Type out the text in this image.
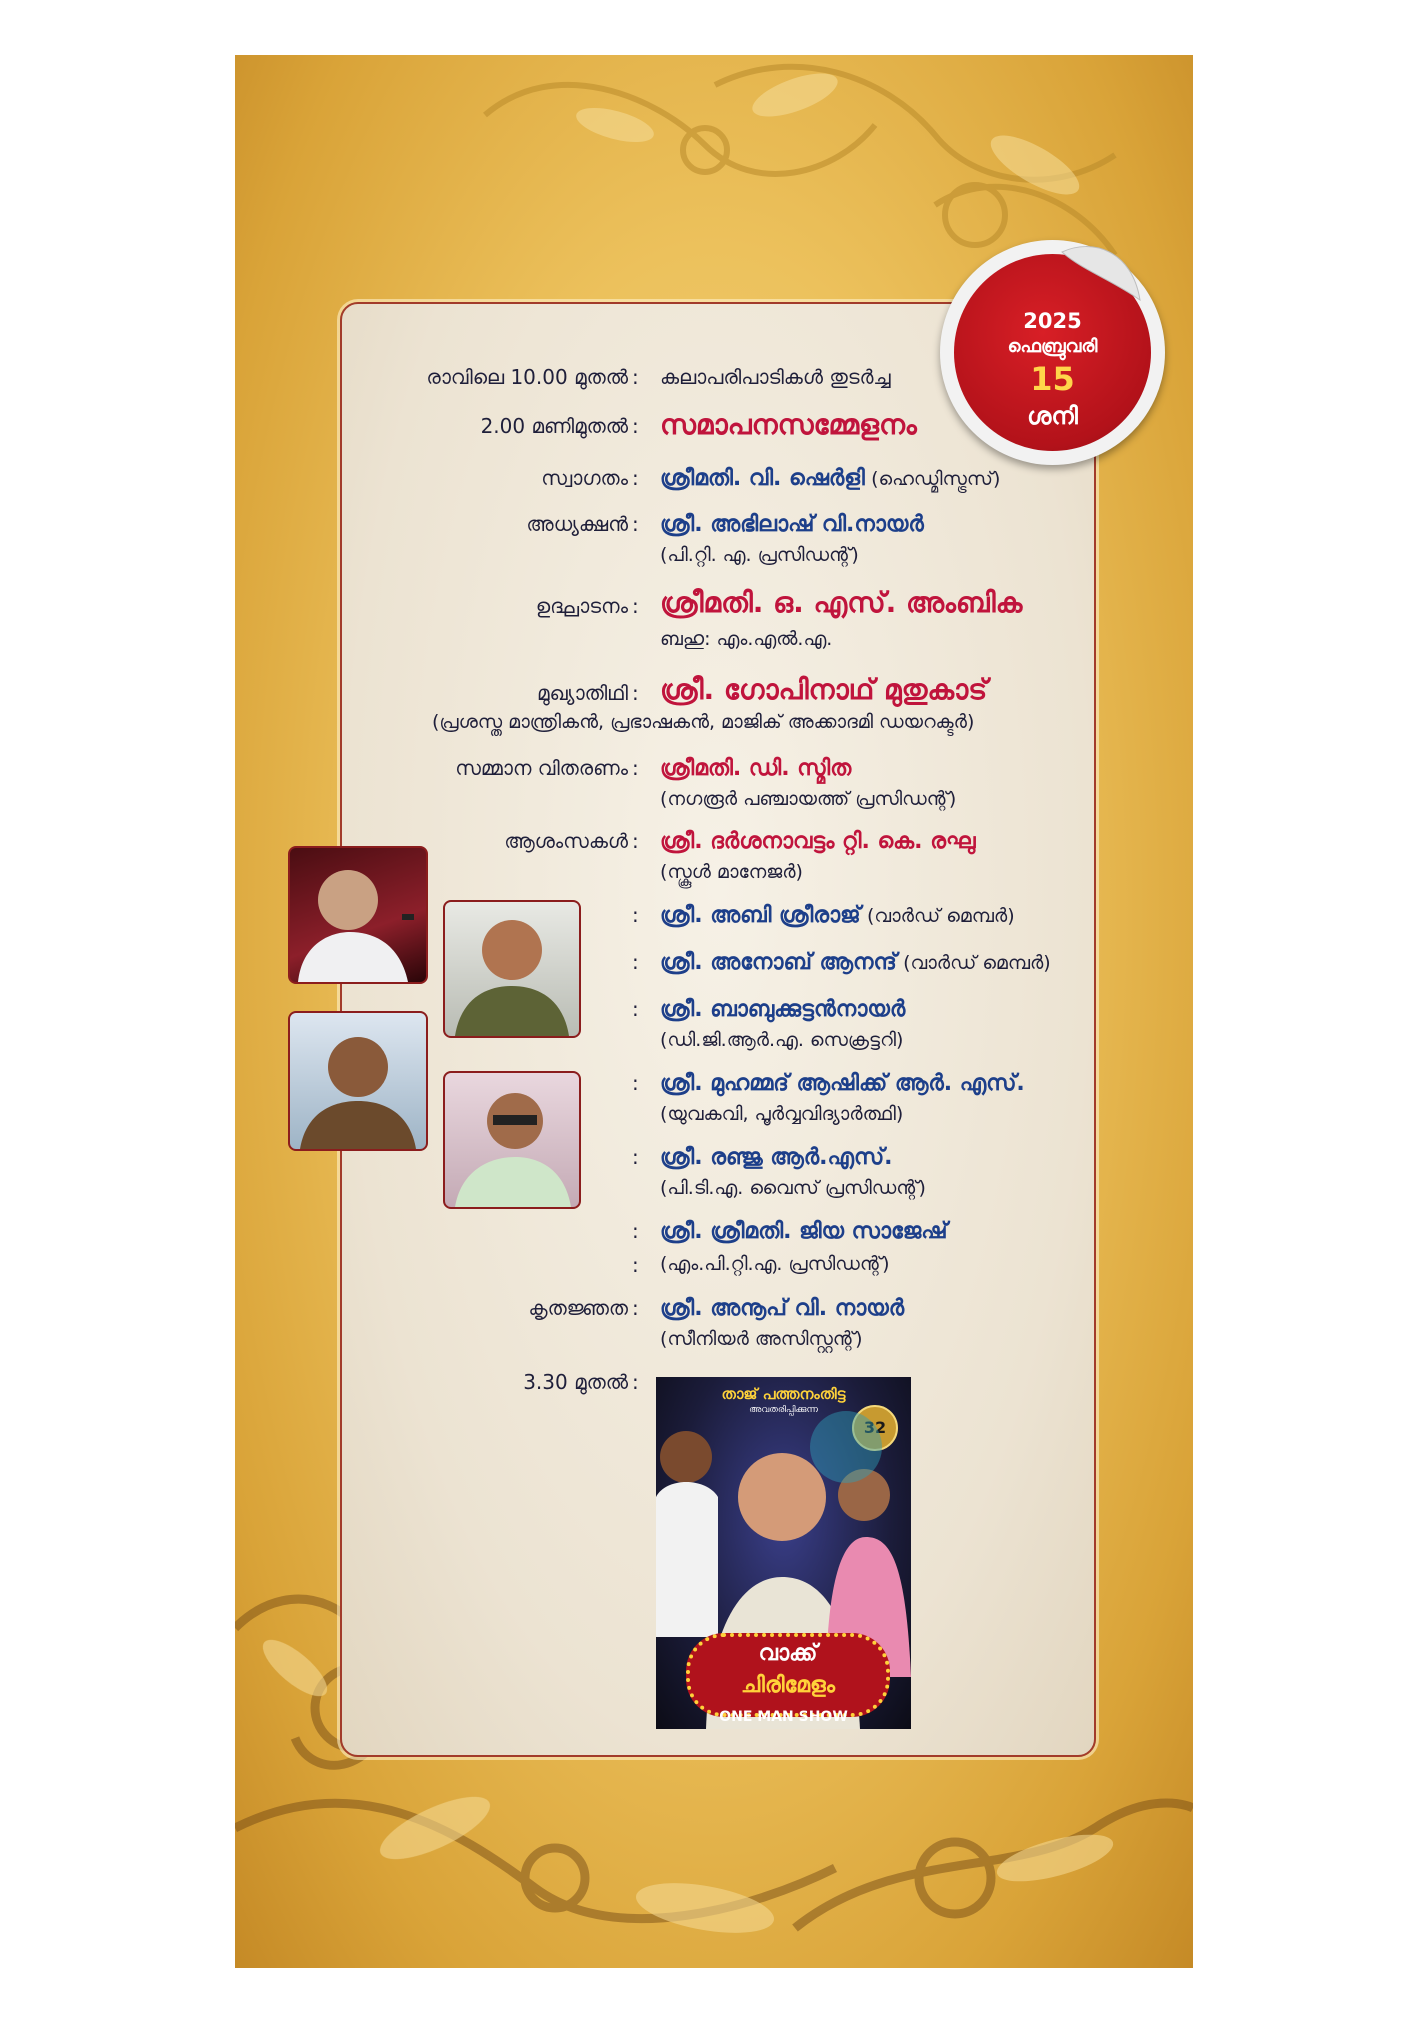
2025
ഫെബ്രുവരി
15
ശനി
രാവിലെ 10.00 മുതൽ : കലാപരിപാടികൾ തുടർച്ച
2.00 മണിമുതൽ : സമാപനസമ്മേളനം
സ്വാഗതം : ശ്രീമതി. വി. ഷെർളി (ഹെഡ്മിസ്ട്രസ്)
അധ്യക്ഷൻ : ശ്രീ. അഭിലാഷ് വി.നായർ
(പി.റ്റി. എ. പ്രസിഡന്റ്)
ഉദ്ഘാടനം : ശ്രീമതി. ഒ. എസ്. അംബിക
ബഹു: എം.എൽ.എ.
മുഖ്യാതിഥി : ശ്രീ. ഗോപിനാഥ് മുതുകാട്
(പ്രശസ്ത മാന്ത്രികൻ, പ്രഭാഷകൻ, മാജിക് അക്കാദമി ഡയറക്ടർ)
സമ്മാന വിതരണം : ശ്രീമതി. ഡി. സ്മിത
(നഗരൂർ പഞ്ചായത്ത് പ്രസിഡന്റ്)
ആശംസകൾ : ശ്രീ. ദർശനാവട്ടം റ്റി. കെ. രഘു
(സ്കൂൾ മാനേജർ)
: ശ്രീ. അബി ശ്രീരാജ് (വാർഡ് മെമ്പർ)
: ശ്രീ. അനോബ് ആനന്ദ് (വാർഡ് മെമ്പർ)
: ശ്രീ. ബാബുക്കുട്ടൻനായർ
(ഡി.ജി.ആർ.എ. സെക്രട്ടറി)
: ശ്രീ. മുഹമ്മദ് ആഷിക്ക് ആർ. എസ്.
(യുവകവി, പൂർവ്വവിദ്യാർത്ഥി)
: ശ്രീ. രഞ്ജു ആർ.എസ്.
(പി.ടി.എ. വൈസ് പ്രസിഡന്റ്)
: ശ്രീ. ശ്രീമതി. ജിയ സാജേഷ്
: (എം.പി.റ്റി.എ. പ്രസിഡന്റ്)
കൃതജ്ഞത : ശ്രീ. അനൂപ് വി. നായർ
(സീനിയർ അസിസ്റ്റന്റ്)
3.30 മുതൽ :	താജ് പത്തനംതിട്ട
അവതരിപ്പിക്കുന്ന
32
വാക്ക്
ചിരിമേളം
ONE MAN SHOW
